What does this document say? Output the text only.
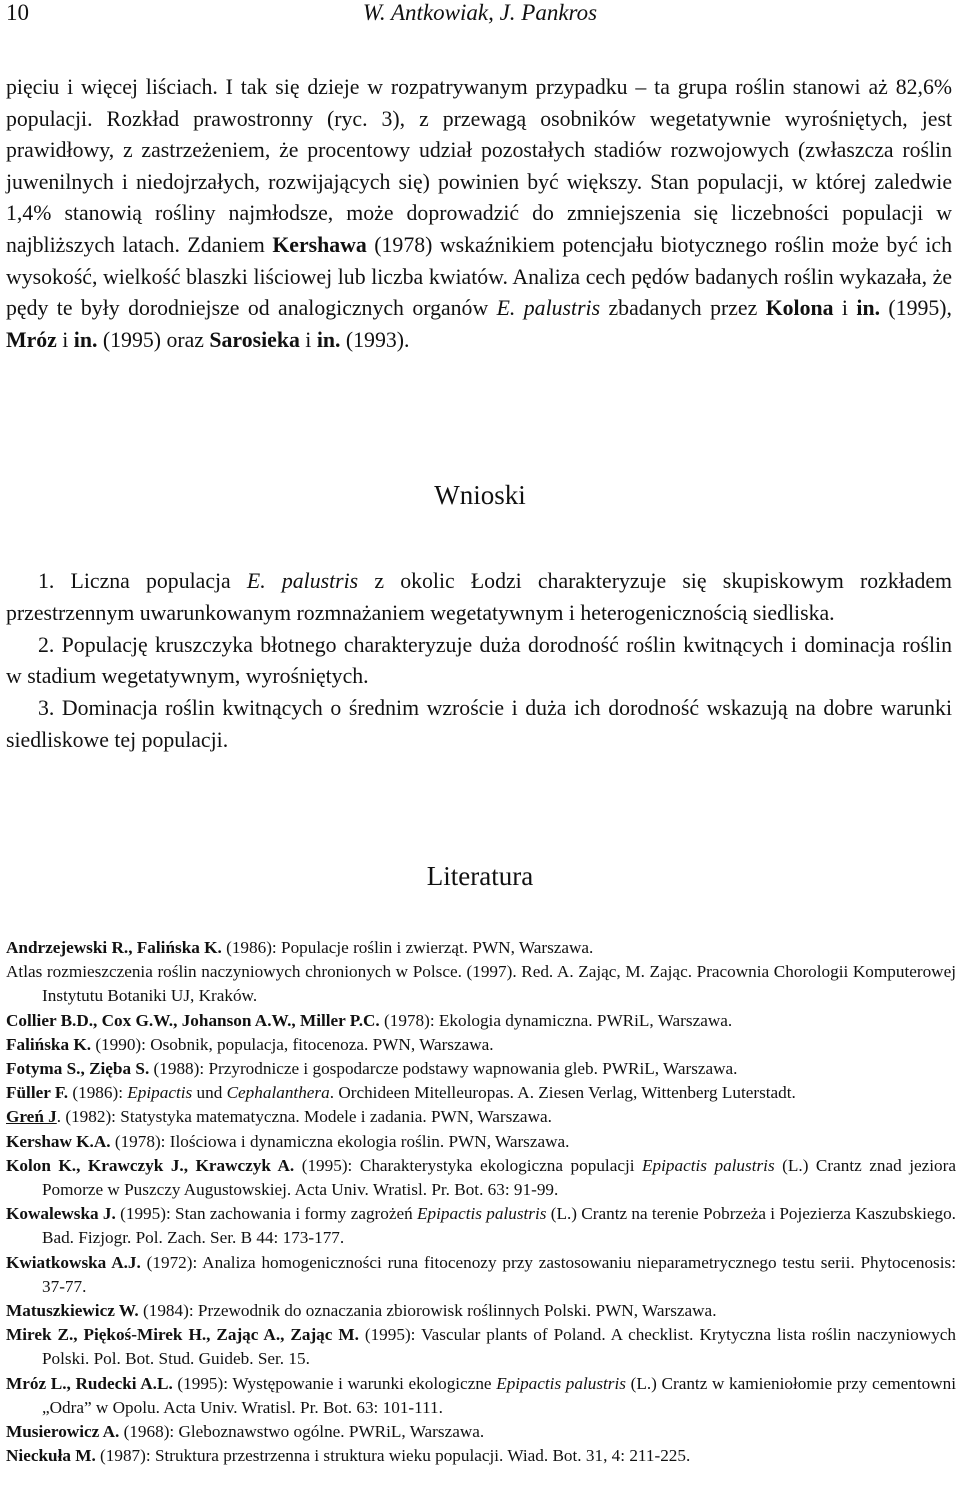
10	W. Antkowiak, J. Pankros

pięciu i więcej liściach. I tak się dzieje w rozpatrywanym przypadku – ta grupa roślin stanowi aż 82,6% populacji. Rozkład prawostronny (ryc. 3), z przewagą osobników wegetatywnie wyrośniętych, jest prawidłowy, z zastrzeżeniem, że procentowy udział pozostałych stadiów rozwojowych (zwłaszcza roślin juwenilnych i niedojrzałych, rozwijających się) powinien być większy. Stan populacji, w której zaledwie 1,4% stanowią rośliny najmłodsze, może doprowadzić do zmniejszenia się liczebności populacji w najbliższych latach. Zdaniem Kershawa (1978) wskaźnikiem potencjału biotycznego roślin może być ich wysokość, wielkość blaszki liściowej lub liczba kwiatów. Analiza cech pędów badanych roślin wykazała, że pędy te były dorodniejsze od analogicznych organów E. palustris zbadanych przez Kolona i in. (1995), Mróz i in. (1995) oraz Sarosieka i in. (1993).

Wnioski

1. Liczna populacja E. palustris z okolic Łodzi charakteryzuje się skupiskowym rozkładem przestrzennym uwarunkowanym rozmnażaniem wegetatywnym i heterogenicznością siedliska.

2. Populację kruszczyka błotnego charakteryzuje duża dorodność roślin kwitnących i dominacja roślin w stadium wegetatywnym, wyrośniętych.

3. Dominacja roślin kwitnących o średnim wzroście i duża ich dorodność wskazują na dobre warunki siedliskowe tej populacji.

Literatura

Andrzejewski R., Falińska K. (1986): Populacje roślin i zwierząt. PWN, Warszawa.

Atlas rozmieszczenia roślin naczyniowych chronionych w Polsce. (1997). Red. A. Zając, M. Zając. Pracownia Chorologii Komputerowej Instytutu Botaniki UJ, Kraków.

Collier B.D., Cox G.W., Johanson A.W., Miller P.C. (1978): Ekologia dynamiczna. PWRiL, Warszawa.

Falińska K. (1990): Osobnik, populacja, fitocenoza. PWN, Warszawa.

Fotyma S., Zięba S. (1988): Przyrodnicze i gospodarcze podstawy wapnowania gleb. PWRiL, Warszawa.

Füller F. (1986): Epipactis und Cephalanthera. Orchideen Mitelleuropas. A. Ziesen Verlag, Wittenberg Luterstadt.

Greń J. (1982): Statystyka matematyczna. Modele i zadania. PWN, Warszawa.

Kershaw K.A. (1978): Ilościowa i dynamiczna ekologia roślin. PWN, Warszawa.

Kolon K., Krawczyk J., Krawczyk A. (1995): Charakterystyka ekologiczna populacji Epipactis palustris (L.) Crantz znad jeziora Pomorze w Puszczy Augustowskiej. Acta Univ. Wratisl. Pr. Bot. 63: 91-99.

Kowalewska J. (1995): Stan zachowania i formy zagrożeń Epipactis palustris (L.) Crantz na terenie Pobrzeża i Pojezierza Kaszubskiego. Bad. Fizjogr. Pol. Zach. Ser. B 44: 173-177.

Kwiatkowska A.J. (1972): Analiza homogeniczności runa fitocenozy przy zastosowaniu nieparametrycznego testu serii. Phytocenosis: 37-77.

Matuszkiewicz W. (1984): Przewodnik do oznaczania zbiorowisk roślinnych Polski. PWN, Warszawa.

Mirek Z., Piękoś-Mirek H., Zając A., Zając M. (1995): Vascular plants of Poland. A checklist. Krytyczna lista roślin naczyniowych Polski. Pol. Bot. Stud. Guideb. Ser. 15.

Mróz L., Rudecki A.L. (1995): Występowanie i warunki ekologiczne Epipactis palustris (L.) Crantz w kamieniołomie przy cementowni „Odra” w Opolu. Acta Univ. Wratisl. Pr. Bot. 63: 101-111.

Musierowicz A. (1968): Gleboznawstwo ogólne. PWRiL, Warszawa.

Nieckuła M. (1987): Struktura przestrzenna i struktura wieku populacji. Wiad. Bot. 31, 4: 211-225.
